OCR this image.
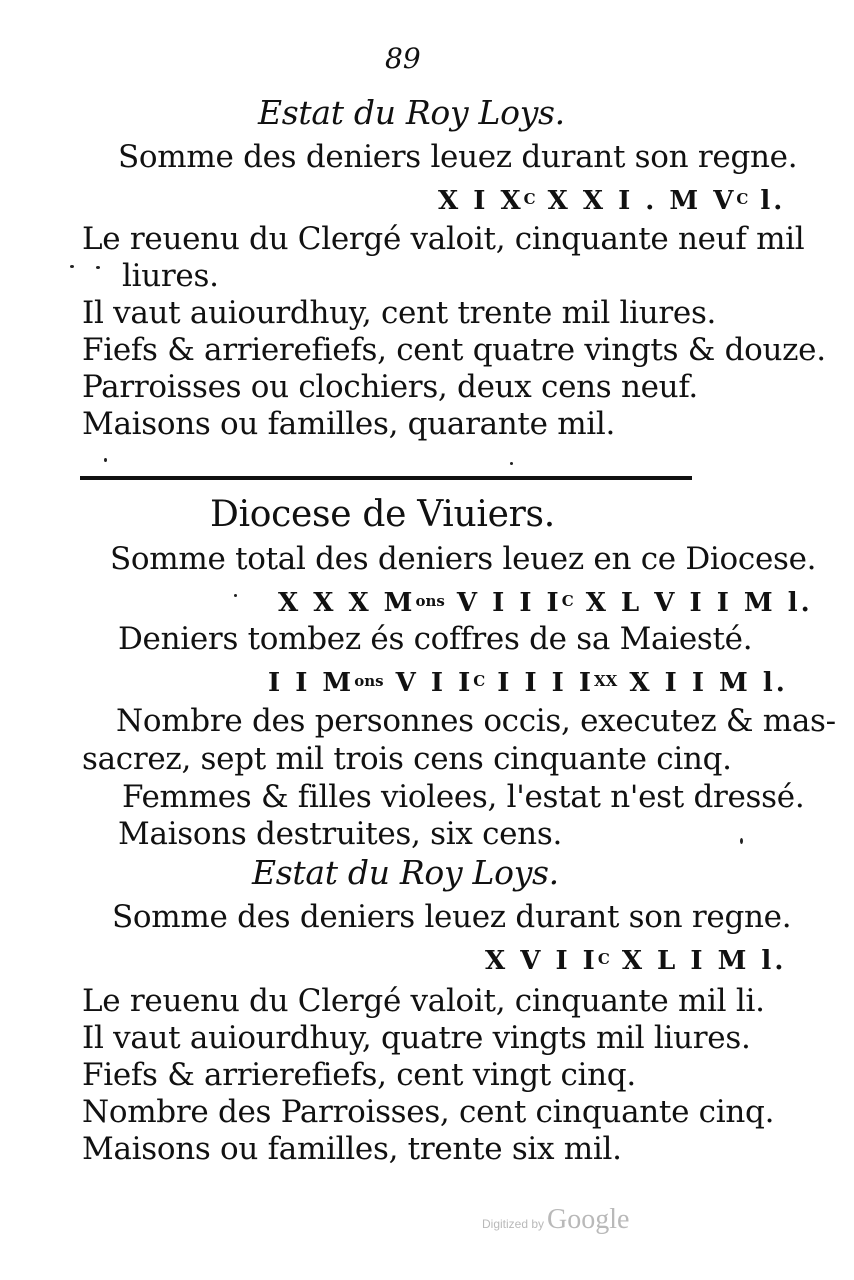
89
Estat du Roy Loys.
Somme des deniers leuez durant son regne.
X I $X^C$ X X I . M $V^C$ l.
Le reuenu du Clergé valoit, cinquante neuf mil
liures.
Il vaut auiourdhuy, cent trente mil liures.
Fiefs & arrierefiefs, cent quatre vingts & douze.
Parroisses ou clochiers, deux cens neuf.
Maisons ou familles, quarante mil.
Diocese de Viuiers.
Somme total des deniers leuez en ce Diocese.
X X X $M^{ons}$ V I I $I^C$ X L V I I M l.
Deniers tombez és coffres de sa Maiesté.
I I $M^{ons}$ V I $I^C$ I I I $I^{XX}$ X I I M l.
Nombre des personnes occis, executez & mas-
sacrez, sept mil trois cens cinquante cinq.
Femmes & filles violees, l'estat n'est dressé.
Maisons destruites, six cens.
Estat du Roy Loys.
Somme des deniers leuez durant son regne.
X V I $I^C$ X L I M l.
Le reuenu du Clergé valoit, cinquante mil li.
Il vaut auiourdhuy, quatre vingts mil liures.
Fiefs & arrierefiefs, cent vingt cinq.
Nombre des Parroisses, cent cinquante cinq.
Maisons ou familles, trente six mil.
Digitized by Google
